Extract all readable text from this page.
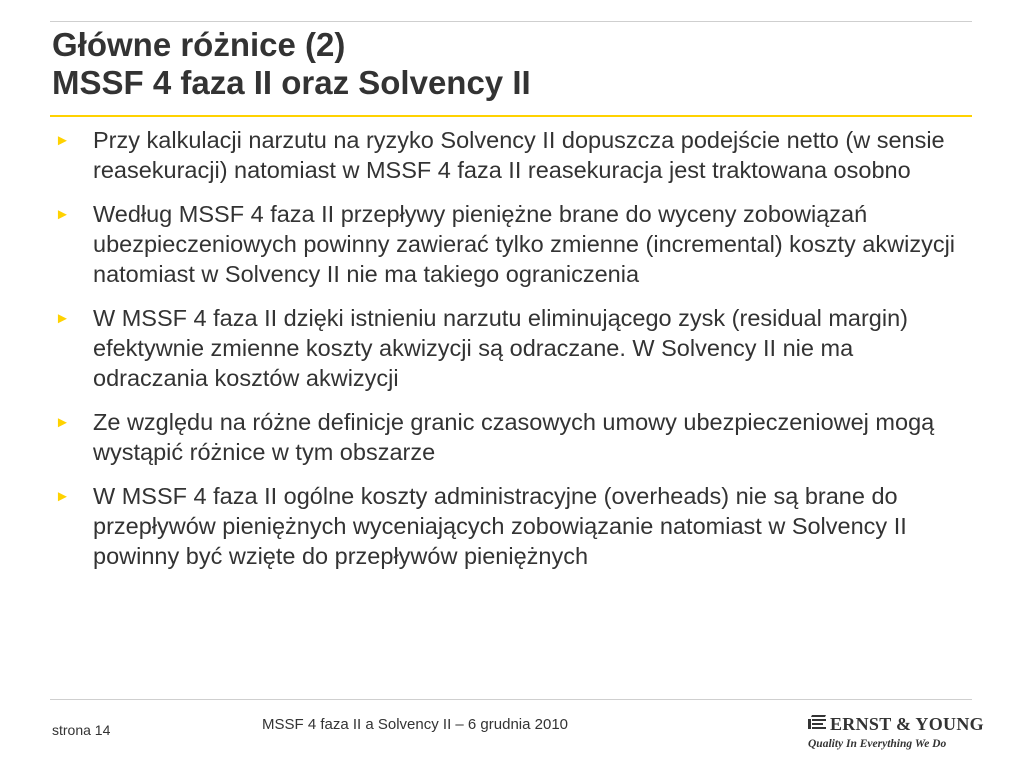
Główne różnice (2)
MSSF 4 faza II oraz Solvency II
► Przy kalkulacji narzutu na ryzyko Solvency II dopuszcza podejście netto (w sensie reasekuracji) natomiast w MSSF 4 faza II reasekuracja jest traktowana osobno
► Według MSSF 4 faza II przepływy pieniężne brane do wyceny zobowiązań ubezpieczeniowych powinny zawierać tylko zmienne (incremental) koszty akwizycji natomiast w Solvency II nie ma takiego ograniczenia
► W MSSF 4 faza II dzięki istnieniu narzutu eliminującego zysk (residual margin) efektywnie zmienne koszty akwizycji są odraczane. W Solvency II nie ma odraczania kosztów akwizycji
► Ze względu na różne definicje granic czasowych umowy ubezpieczeniowej mogą wystąpić różnice w tym obszarze
► W MSSF 4 faza II ogólne koszty administracyjne (overheads) nie są brane do przepływów pieniężnych wyceniających zobowiązanie natomiast w Solvency II powinny być wzięte do przepływów pieniężnych
strona 14	MSSF 4 faza II a Solvency II – 6 grudnia 2010	ERNST & YOUNG
Quality In Everything We Do
